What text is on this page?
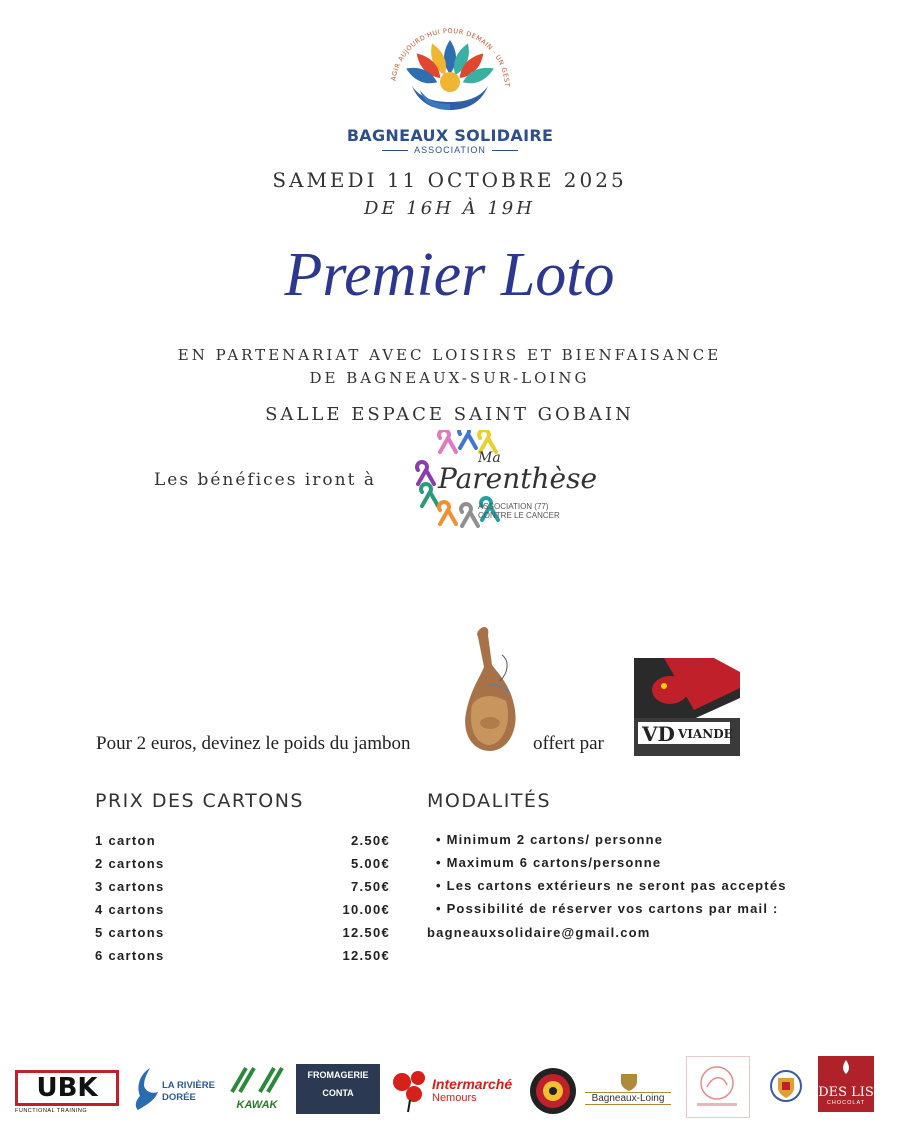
AGIR AUJOURD'HUI POUR DEMAIN - UN GEST
BAGNEAUX SOLIDAIRE
ASSOCIATION
SAMEDI 11 OCTOBRE 2025
DE 16H À 19H
Premier Loto
EN PARTENARIAT AVEC LOISIRS ET BIENFAISANCE
DE BAGNEAUX-SUR-LOING
SALLE ESPACE SAINT GOBAIN
Les bénéfices iront à
Ma
Parenthèse
ASSOCIATION (77)
CONTRE LE CANCER
Pour 2 euros, devinez le poids du jambon	offert par VD VIANDE
PRIX DES CARTONS
1 carton	2.50€
2 cartons	5.00€
3 cartons	7.50€
4 cartons	10.00€
5 cartons	12.50€
6 cartons	12.50€
MODALITÉS
• Minimum 2 cartons/ personne
• Maximum 6 cartons/personne
• Les cartons extérieurs ne seront pas acceptés
• Possibilité de réserver vos cartons par mail :
bagneauxsolidaire@gmail.com
UBK
FUNCTIONAL TRAINING
LA RIVIÈRE
DORÉE
KAWAK
FROMAGERIE
CONTA
Intermarché
Nemours	Bagneaux-Loing	DES LIS
CHOCOLAT
